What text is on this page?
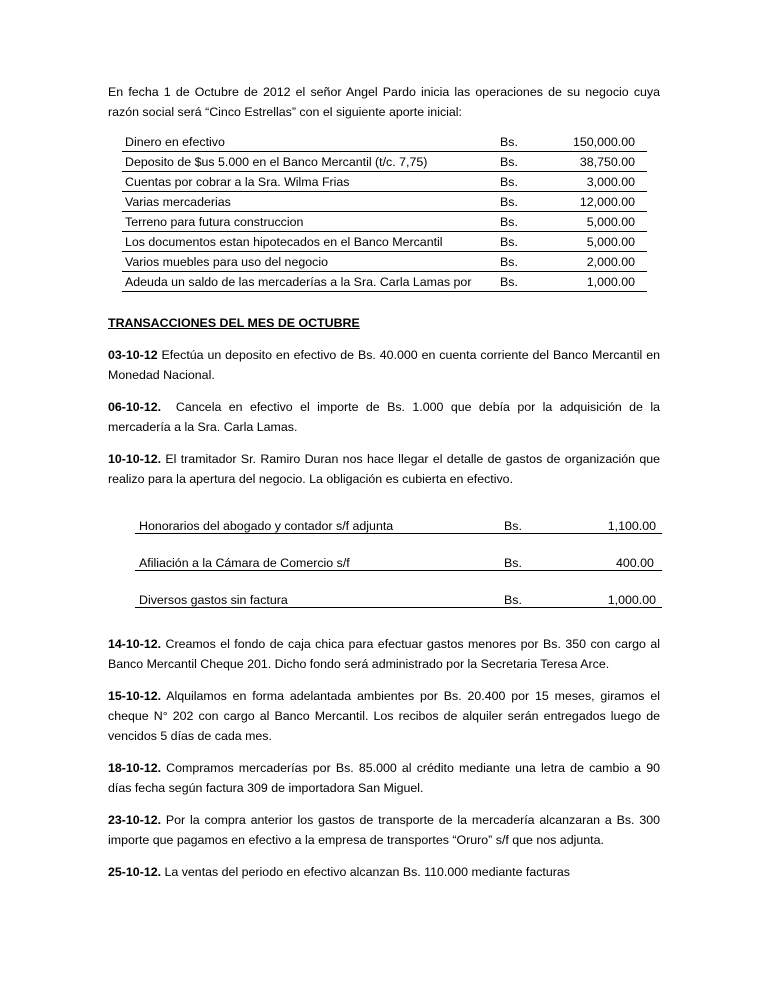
En fecha 1 de Octubre de 2012 el señor Angel Pardo inicia las operaciones de su negocio cuya razón social será “Cinco Estrellas” con el siguiente aporte inicial:

Dinero en efectivo	Bs.	150,000.00
Deposito de $us 5.000 en el Banco Mercantil (t/c. 7,75)	Bs.	38,750.00
Cuentas por cobrar a la Sra. Wilma Frias	Bs.	3,000.00
Varias mercaderias	Bs.	12,000.00
Terreno para futura construccion	Bs.	5,000.00
Los documentos estan hipotecados en el Banco Mercantil	Bs.	5,000.00
Varios muebles para uso del negocio	Bs.	2,000.00
Adeuda un saldo de las mercaderías a la Sra. Carla Lamas por	Bs.	1,000.00
TRANSACCIONES DEL MES DE OCTUBRE

03-10-12 Efectúa un deposito en efectivo de Bs. 40.000 en cuenta corriente del Banco Mercantil en Monedad Nacional.

06-10-12.  Cancela en efectivo el importe de Bs. 1.000 que debía por la adquisición de la mercadería a la Sra. Carla Lamas.

10-10-12. El tramitador Sr. Ramiro Duran nos hace llegar el detalle de gastos de organización que realizo para la apertura del negocio. La obligación es cubierta en efectivo.

Honorarios del abogado y contador s/f adjunta	Bs.	1,100.00

Afiliación a la Cámara de Comercio s/f	Bs.	400.00

Diversos gastos sin factura	Bs.	1,000.00

14-10-12. Creamos el fondo de caja chica para efectuar gastos menores por Bs. 350 con cargo al Banco Mercantil Cheque 201. Dicho fondo será administrado por la Secretaria Teresa Arce.

15-10-12. Alquilamos en forma adelantada ambientes por Bs. 20.400 por 15 meses, giramos el cheque N° 202 con cargo al Banco Mercantil. Los recibos de alquiler serán entregados luego de vencidos 5 días de cada mes.

18-10-12. Compramos mercaderías por Bs. 85.000 al crédito mediante una letra de cambio a 90 días fecha según factura 309 de importadora San Miguel.

23-10-12. Por la compra anterior los gastos de transporte de la mercadería alcanzaran a Bs. 300 importe que pagamos en efectivo a la empresa de transportes “Oruro” s/f que nos adjunta.

25-10-12. La ventas del periodo en efectivo alcanzan Bs. 110.000 mediante facturas
